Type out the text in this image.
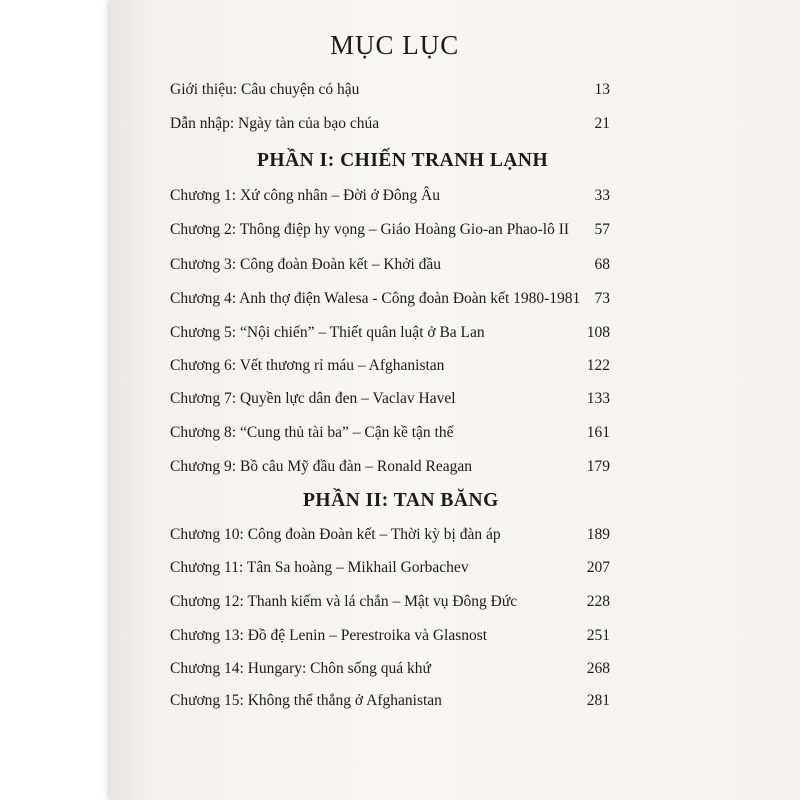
MỤC LỤC
Giới thiệu: Câu chuyện có hậu	13
Dẫn nhập: Ngày tàn của bạo chúa	21
PHẦN I: CHIẾN TRANH LẠNH
Chương 1: Xứ công nhân – Đời ở Đông Âu	33
Chương 2: Thông điệp hy vọng – Giáo Hoàng Gio-an Phao-lô II 57
Chương 3: Công đoàn Đoàn kết – Khởi đầu	68
Chương 4: Anh thợ điện Walesa - Công đoàn Đoàn kết 1980-1981 73
Chương 5: “Nội chiến” – Thiết quân luật ở Ba Lan	108
Chương 6: Vết thương rỉ máu – Afghanistan	122
Chương 7: Quyền lực dân đen – Vaclav Havel	133
Chương 8: “Cung thủ tài ba” – Cận kề tận thế	161
Chương 9: Bồ câu Mỹ đầu đàn – Ronald Reagan	179
PHẦN II: TAN BĂNG
Chương 10: Công đoàn Đoàn kết – Thời kỳ bị đàn áp	189
Chương 11: Tân Sa hoàng – Mikhail Gorbachev	207
Chương 12: Thanh kiếm và lá chắn – Mật vụ Đông Đức	228
Chương 13: Đồ đệ Lenin – Perestroika và Glasnost	251
Chương 14: Hungary: Chôn sống quá khứ	268
Chương 15: Không thể thắng ở Afghanistan	281
